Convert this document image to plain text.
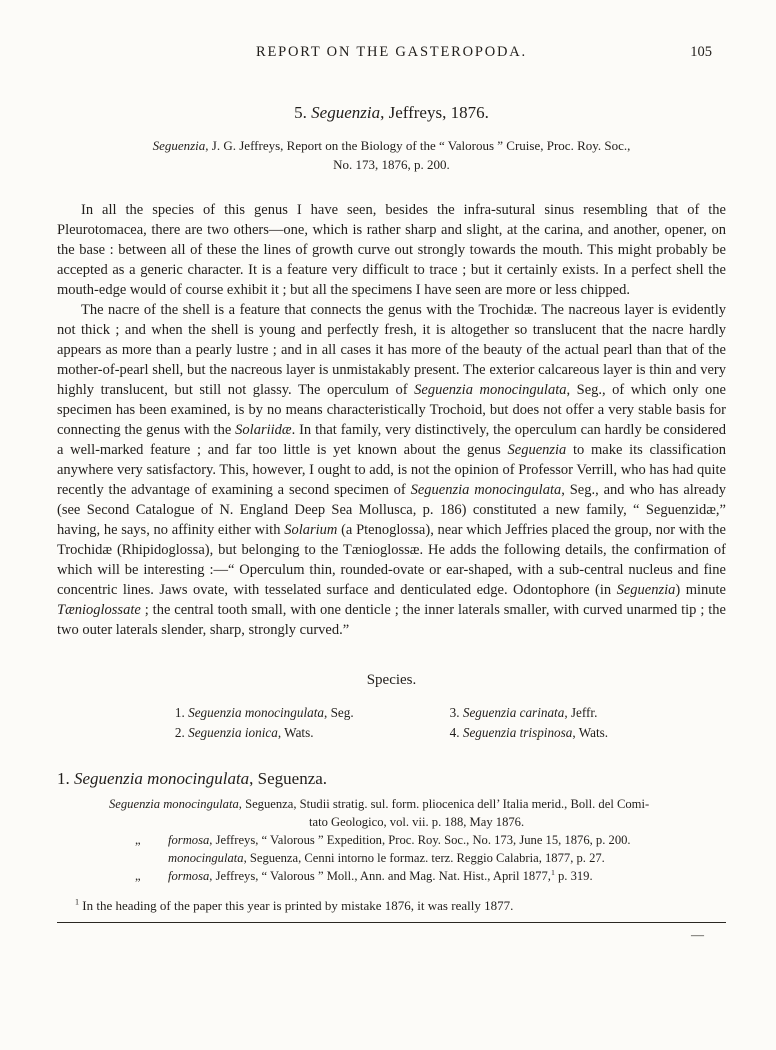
REPORT ON THE GASTEROPODA.	105
5. Seguenzia, Jeffreys, 1876.
Seguenzia, J. G. Jeffreys, Report on the Biology of the “ Valorous ” Cruise, Proc. Roy. Soc.,
No. 173, 1876, p. 200.

In all the species of this genus I have seen, besides the infra-sutural sinus resembling that of the Pleurotomacea, there are two others—one, which is rather sharp and slight, at the carina, and another, opener, on the base : between all of these the lines of growth curve out strongly towards the mouth. This might probably be accepted as a generic character. It is a feature very difficult to trace ; but it certainly exists. In a perfect shell the mouth-edge would of course exhibit it ; but all the specimens I have seen are more or less chipped.

The nacre of the shell is a feature that connects the genus with the Trochidæ. The nacreous layer is evidently not thick ; and when the shell is young and perfectly fresh, it is altogether so translucent that the nacre hardly appears as more than a pearly lustre ; and in all cases it has more of the beauty of the actual pearl than that of the mother-of-pearl shell, but the nacreous layer is unmistakably present. The exterior calcareous layer is thin and very highly translucent, but still not glassy. The operculum of Seguenzia monocingulata, Seg., of which only one specimen has been examined, is by no means characteristically Trochoid, but does not offer a very stable basis for connecting the genus with the Solariidæ. In that family, very distinctively, the operculum can hardly be considered a well-marked feature ; and far too little is yet known about the genus Seguenzia to make its classification anywhere very satisfactory. This, however, I ought to add, is not the opinion of Professor Verrill, who has had quite recently the advantage of examining a second specimen of Seguenzia monocingulata, Seg., and who has already (see Second Catalogue of N. England Deep Sea Mollusca, p. 186) constituted a new family, “ Seguenzidæ,” having, he says, no affinity either with Solarium (a Ptenoglossa), near which Jeffries placed the group, nor with the Trochidæ (Rhipidoglossa), but belonging to the Tænioglossæ. He adds the following details, the confirmation of which will be interesting :—“ Operculum thin, rounded-ovate or ear-shaped, with a sub-central nucleus and fine concentric lines. Jaws ovate, with tesselated surface and denticulated edge. Odontophore (in Seguenzia) minute Tænioglossate ; the central tooth small, with one denticle ; the inner laterals smaller, with curved unarmed tip ; the two outer laterals slender, sharp, strongly curved.”

Species.
1. Seguenzia monocingulata, Seg.
2. Seguenzia ionica, Wats.
3. Seguenzia carinata, Jeffr.
4. Seguenzia trispinosa, Wats.
1. Seguenzia monocingulata, Seguenza.
Seguenzia monocingulata, Seguenza, Studii stratig. sul. form. pliocenica dell’ Italia merid., Boll. del Comi-
tato Geologico, vol. vii. p. 188, May 1876.
„	formosa, Jeffreys, “ Valorous ” Expedition, Proc. Roy. Soc., No. 173, June 15, 1876, p. 200.
monocingulata, Seguenza, Cenni intorno le formaz. terz. Reggio Calabria, 1877, p. 27.
„	formosa, Jeffreys, “ Valorous ” Moll., Ann. and Mag. Nat. Hist., April 1877,$^1$ p. 319.
$^1$ In the heading of the paper this year is printed by mistake 1876, it was really 1877.
—
